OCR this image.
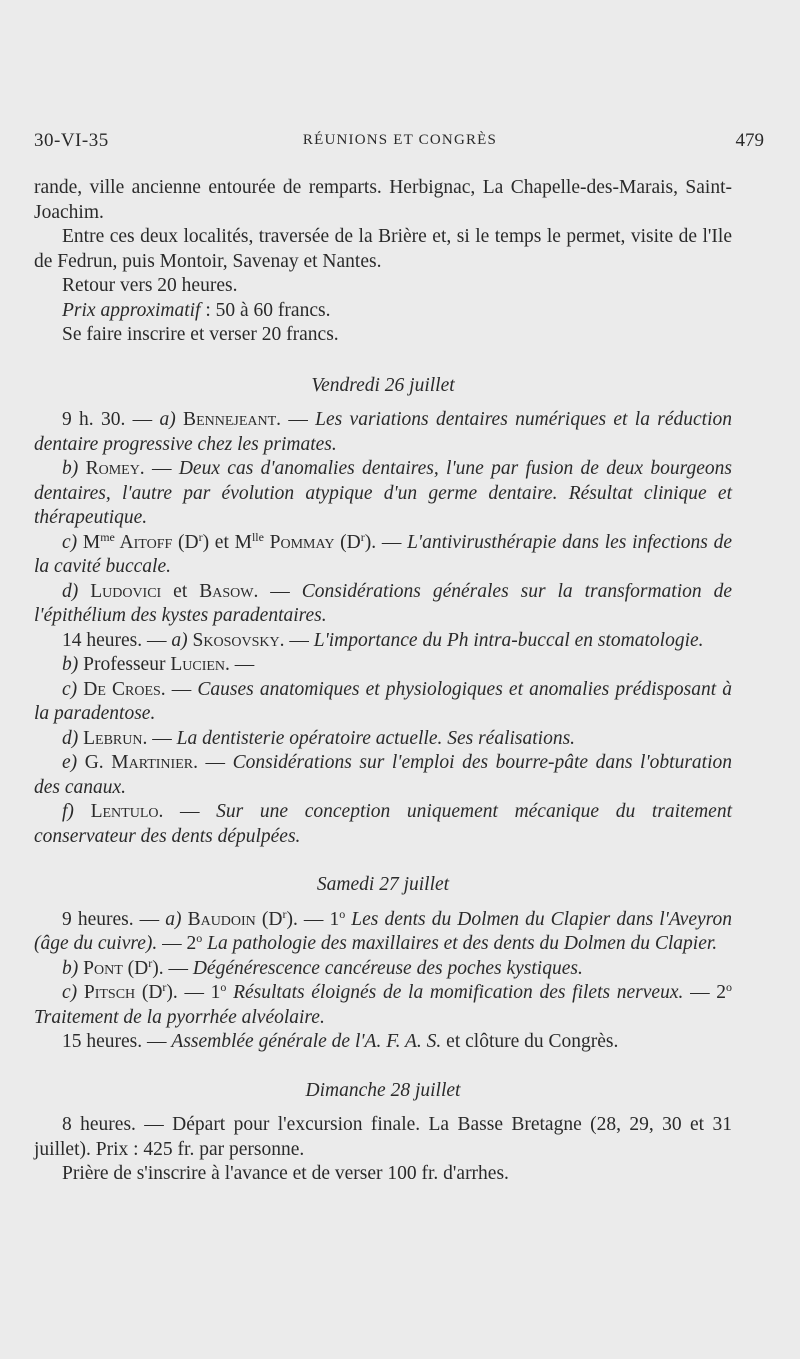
30-VI-35	RÉUNIONS ET CONGRÈS	479

rande, ville ancienne entourée de remparts. Herbignac, La Chapelle-des-Marais, Saint-Joachim.

Entre ces deux localités, traversée de la Brière et, si le temps le permet, visite de l'Ile de Fedrun, puis Montoir, Savenay et Nantes.

Retour vers 20 heures.

Prix approximatif : 50 à 60 francs.

Se faire inscrire et verser 20 francs.

Vendredi 26 juillet

9 h. 30. — a) Bennejeant. — Les variations dentaires numériques et la réduction dentaire progressive chez les primates.

b) Romey. — Deux cas d'anomalies dentaires, l'une par fusion de deux bourgeons dentaires, l'autre par évolution atypique d'un germe dentaire. Résultat clinique et thérapeutique.

c) $M^{me}$ Aitoff $(D^r)$ et $M^{lle}$ Pommay $(D^r)$. — L'antivirusthérapie dans les infections de la cavité buccale.

d) Ludovici et Basow. — Considérations générales sur la transformation de l'épithélium des kystes paradentaires.

14 heures. — a) Skosovsky. — L'importance du Ph intra-buccal en stomatologie.

b) Professeur Lucien. —

c) De Croes. — Causes anatomiques et physiologiques et anomalies prédisposant à la paradentose.

d) Lebrun. — La dentisterie opératoire actuelle. Ses réalisations.

e) G. Martinier. — Considérations sur l'emploi des bourre-pâte dans l'obturation des canaux.

f) Lentulo. — Sur une conception uniquement mécanique du traitement conservateur des dents dépulpées.

Samedi 27 juillet

9 heures. — a) Baudoin $(D^r)$. — 1$^o$ Les dents du Dolmen du Clapier dans l'Aveyron (âge du cuivre). — 2$^o$ La pathologie des maxillaires et des dents du Dolmen du Clapier.

b) Pont $(D^r)$. — Dégénérescence cancéreuse des poches kystiques.

c) Pitsch $(D^r)$. — 1$^o$ Résultats éloignés de la momification des filets nerveux. — 2$^o$ Traitement de la pyorrhée alvéolaire.

15 heures. — Assemblée générale de l'A. F. A. S. et clôture du Congrès.

Dimanche 28 juillet

8 heures. — Départ pour l'excursion finale. La Basse Bretagne (28, 29, 30 et 31 juillet). Prix : 425 fr. par personne.

Prière de s'inscrire à l'avance et de verser 100 fr. d'arrhes.
